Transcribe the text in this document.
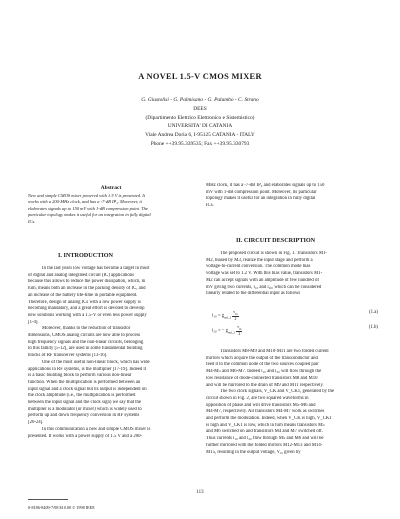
A NOVEL 1.5-V CMOS MIXER
G. Giustolisi - G. Palmisano - G. Palumbo - C. Strano
DEES
(Dipartimento Elettrico Elettronico e Sistemistico)
UNIVERSITA' DI CATANIA
Viale Andrea Doria 6, I-95125 CATANIA - ITALY
Phone ++39.95.339535; Fax ++39.95.330793
Abstract
New and simple CMOS mixer powered with 1.5 V is presented. It
works with a 200-MHz clock, and has a -7-dB IP₃. Moreover, it
elaborates signals up to 150 mV with 1-dB compression point. The
particular topology makes it useful for an integration in fully digital
ICs.
MHz clock, it has a -7-dB IP₃ and elaborates signals up to 150
mV with 1-dB compression point. Moreover, its particular
topology makes it useful for an integration in fully digital
ICs.
I. INTRODUCTION
In the last years low voltage has become a target in most
of digital and analog integrated circuit (IC) applications
because this allows to reduce the power dissipation, which, in
turn, means both an increase in the packing density of IC, and
an increase of the battery life-time in portable equipment.
Therefore, design of analog ICs with a low power supply is
becoming mandatory, and a great effort is devoted to develop
new solutions working with a 1.5-V or even less power supply
[1-4].
Moreover, thanks to the reduction of transistor
dimensions, CMOS analog circuits are now able to process
high frequency signals and the non-linear circuits, belonging
to this family [5-12], are used in some fundamental building
blocks of RF transceiver systems [13-16].
One of the most useful non-linear block, which has wide
applications in RF systems, is the multiplier [17-19]. Indeed it
is a basic building block to perform various non-linear
function. When the multiplication is performed between an
input signal and a clock signal but its output is independent on
the clock amplitude (i.e., the multiplication is performed
between the input signal and the clock sign) we say that the
multiplier is a modulator (or mixer) which is widely used to
perform up and down frequency conversion in RF systems
[20-24].
In this communication a new and simple CMOS mixer is
presented. It works with a power supply of 1.5 V and a 200-
II. CIRCUIT DESCRIPTION
The proposed circuit is shown in Fig. 1. Transistors M1-
M2, biased by M3, realize the input stage and perform a
voltage-to-current conversion. The common mode bias
voltage was set to 1.2 V. With this bias value, transistors M1-
M2 can accept signals with an amplitude of few hundred of
mV giving two currents, i₁₀ and i₂₀, which can be considered
linearly related to the differential input as follows
$i_{10} = g_{m1,2} \frac{v_{in}}{2}$	(1.a)
i₂₀ = − $g_{m1,2} \frac{v_{in}}{2}$	(1.b)
Transistors M8-M9 and M10-M11 are two folded current
mirrors which acquire the output of the transconductor and
feed it to the common node of the two sources coupled pair
M4-M5 and M6-M7. Indeed i₁₀ and i₂₀ will flow through the
low resistance of diode-connected transistors M8 and M10
and will be mirrored to the drain of M9 and M11 respectively.
The two clock signals, V_CK and V_CK1, generated by the
circuit shown in Fig. 2, are two squared waveforms in
opposition of phase and will drive transistors M5-M6 and
M4-M7, respectively. All transistors M4-M7 work as switches
and perform the modulation. Indeed, when V_CK is high, V_CK1
is high and V_CK1 is low, which in turn means transistors M5
and M6 switched on and transistors M4 and M7 switched off.
Thus currents i₁₀ and i₂₀ flow through M5 and M6 and will be
further mirrored with the folded mirrors M12-M13 and M14-
M15, resulting in the output voltage, V₀, given by
113
0-8186-8409-7/98 $10.00 © 1998 IEEE
